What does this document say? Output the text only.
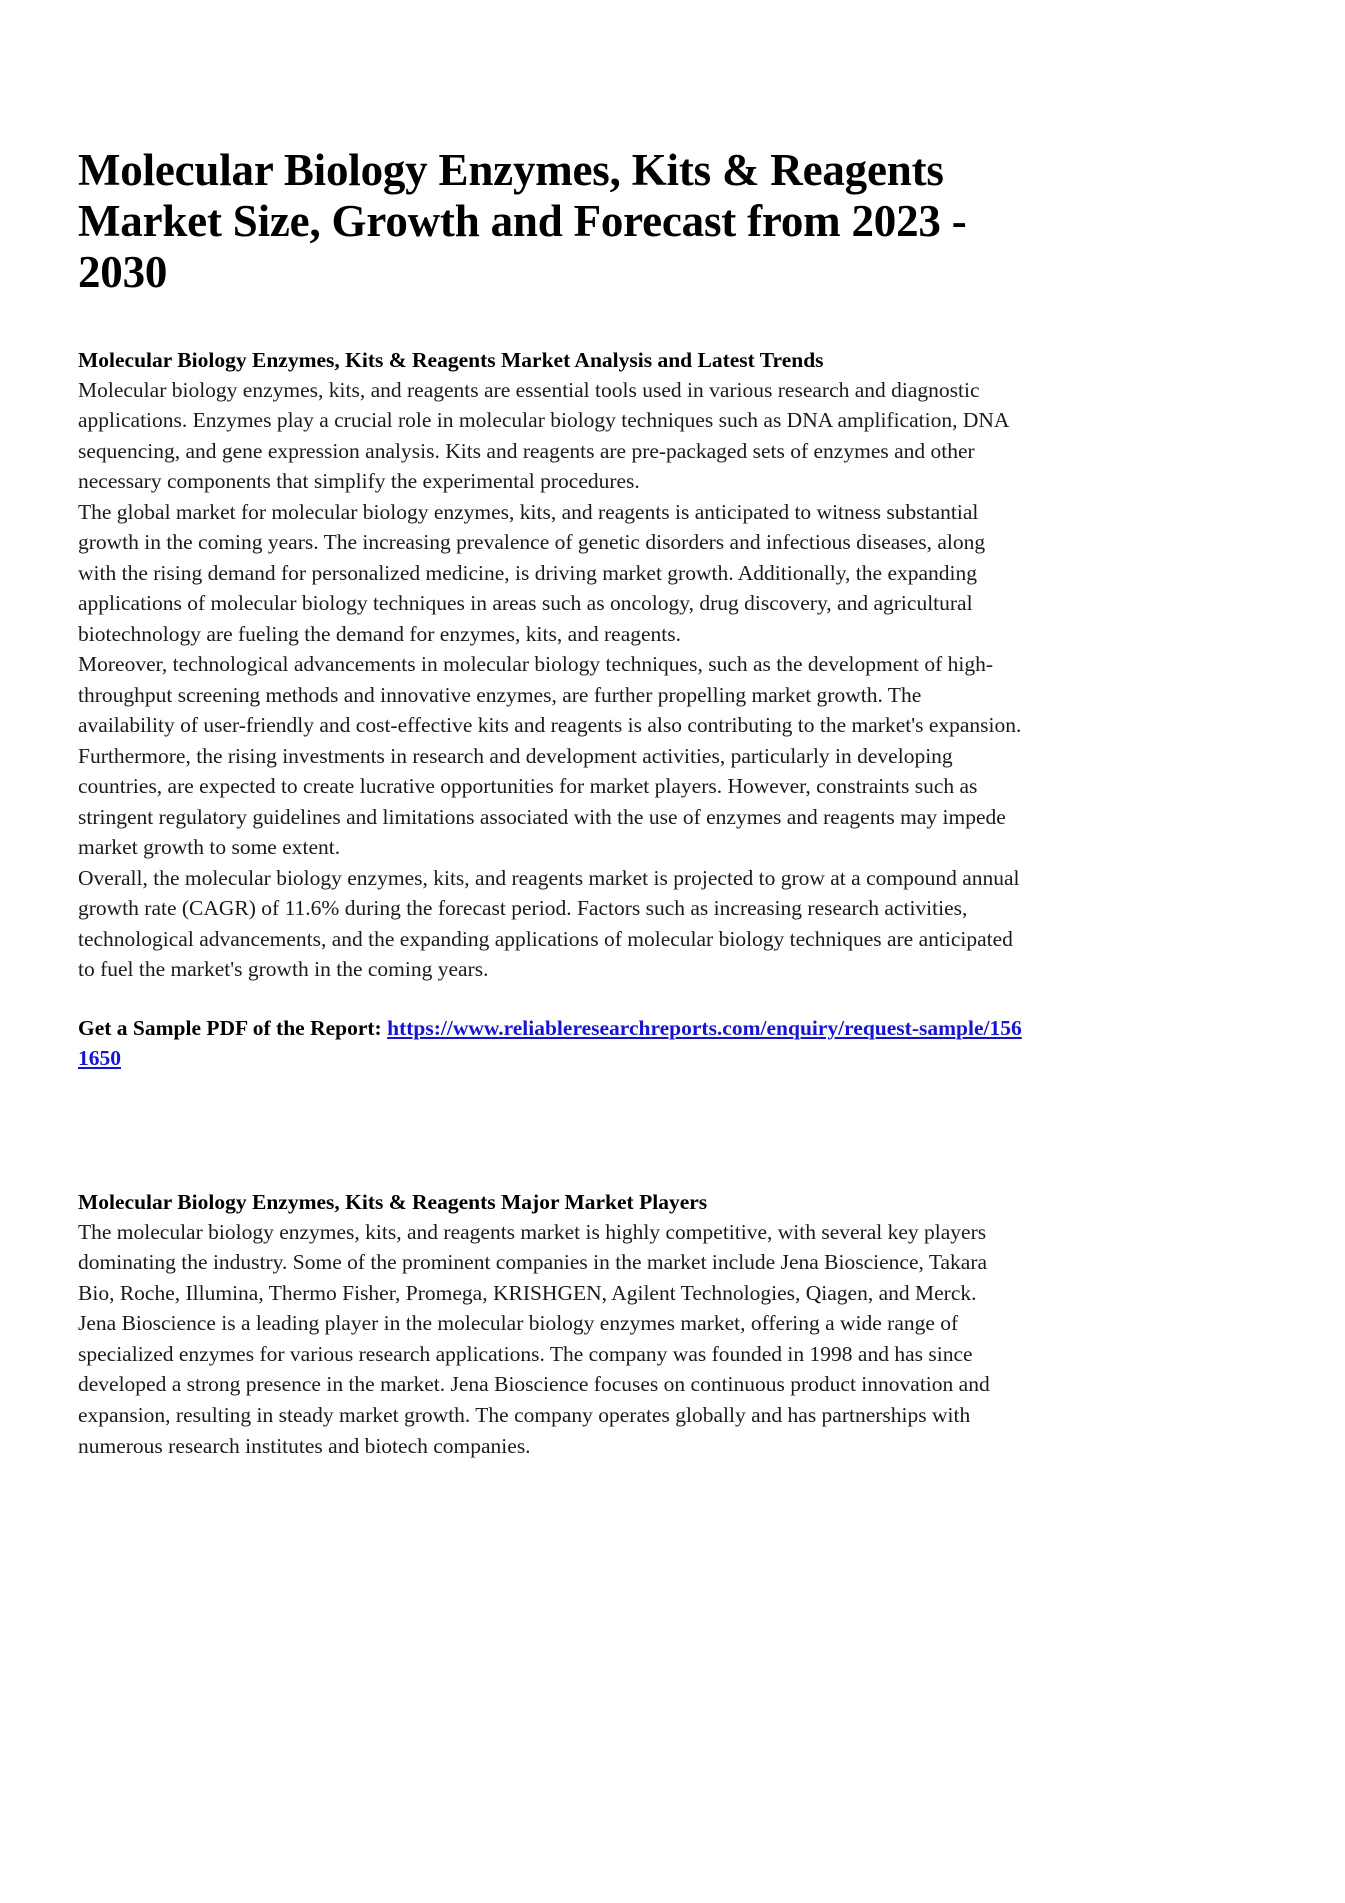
Molecular Biology Enzymes, Kits & Reagents Market Size, Growth and Forecast from 2023 - 2030
Molecular Biology Enzymes, Kits & Reagents Market Analysis and Latest Trends

Molecular biology enzymes, kits, and reagents are essential tools used in various research and diagnostic applications. Enzymes play a crucial role in molecular biology techniques such as DNA amplification, DNA sequencing, and gene expression analysis. Kits and reagents are pre-packaged sets of enzymes and other necessary components that simplify the experimental procedures.

The global market for molecular biology enzymes, kits, and reagents is anticipated to witness substantial growth in the coming years. The increasing prevalence of genetic disorders and infectious diseases, along with the rising demand for personalized medicine, is driving market growth. Additionally, the expanding applications of molecular biology techniques in areas such as oncology, drug discovery, and agricultural biotechnology are fueling the demand for enzymes, kits, and reagents.

Moreover, technological advancements in molecular biology techniques, such as the development of high-throughput screening methods and innovative enzymes, are further propelling market growth. The availability of user-friendly and cost-effective kits and reagents is also contributing to the market's expansion.

Furthermore, the rising investments in research and development activities, particularly in developing countries, are expected to create lucrative opportunities for market players. However, constraints such as stringent regulatory guidelines and limitations associated with the use of enzymes and reagents may impede market growth to some extent.

Overall, the molecular biology enzymes, kits, and reagents market is projected to grow at a compound annual growth rate (CAGR) of 11.6% during the forecast period. Factors such as increasing research activities, technological advancements, and the expanding applications of molecular biology techniques are anticipated to fuel the market's growth in the coming years.

Get a Sample PDF of the Report: https://www.reliableresearchreports.com/enquiry/request-sample/1561650

Molecular Biology Enzymes, Kits & Reagents Major Market Players

The molecular biology enzymes, kits, and reagents market is highly competitive, with several key players dominating the industry. Some of the prominent companies in the market include Jena Bioscience, Takara Bio, Roche, Illumina, Thermo Fisher, Promega, KRISHGEN, Agilent Technologies, Qiagen, and Merck.

Jena Bioscience is a leading player in the molecular biology enzymes market, offering a wide range of specialized enzymes for various research applications. The company was founded in 1998 and has since developed a strong presence in the market. Jena Bioscience focuses on continuous product innovation and expansion, resulting in steady market growth. The company operates globally and has partnerships with numerous research institutes and biotech companies.
